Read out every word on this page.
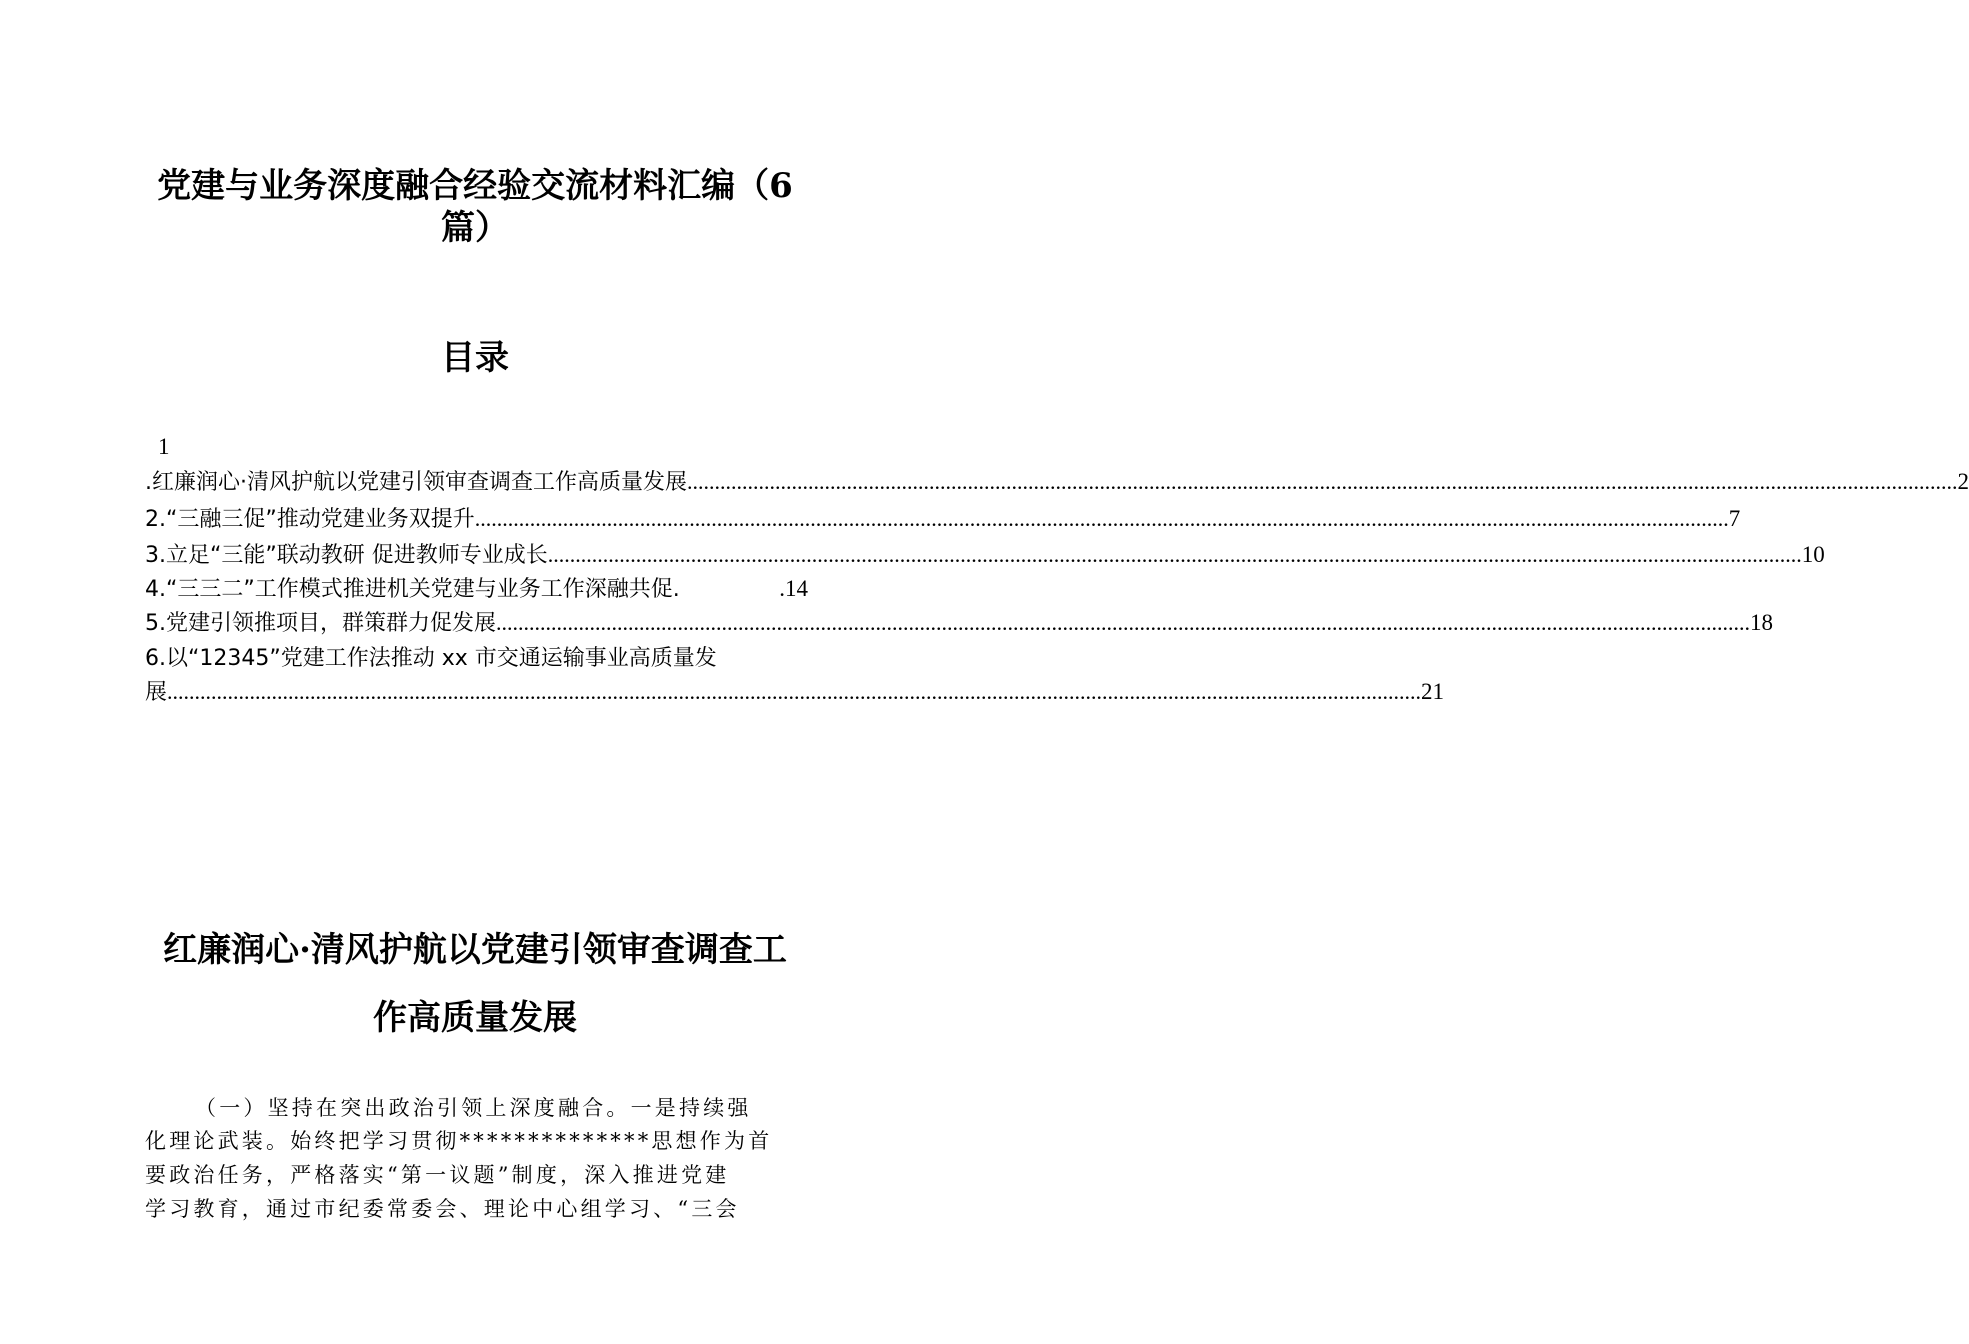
党建与业务深度融合经验交流材料汇编（6
篇）
目录
1
.红廉润心·清风护航以党建引领审查调查工作高质量发展	..... ... 2
2.“三融三促”推动党建业务双提升 .....	7
3.立足“三能”联动教研 促进教师专业成长 .....	10
4.“三三二”工作模式推进机关党建与业务工作深融共促.	.14
5.党建引领推项目，群策群力促发展 .....	18
6.以“12345”党建工作法推动 xx 市交通运输事业高质量发
展 .....	21
红廉润心·清风护航以党建引领审查调查工
作高质量发展
（一）坚持在突出政治引领上深度融合。一是持续强
化理论武装。始终把学习贯彻**************思想作为首
要政治任务，严格落实“第一议题”制度，深入推进党建
学习教育，通过市纪委常委会、理论中心组学习、“三会
